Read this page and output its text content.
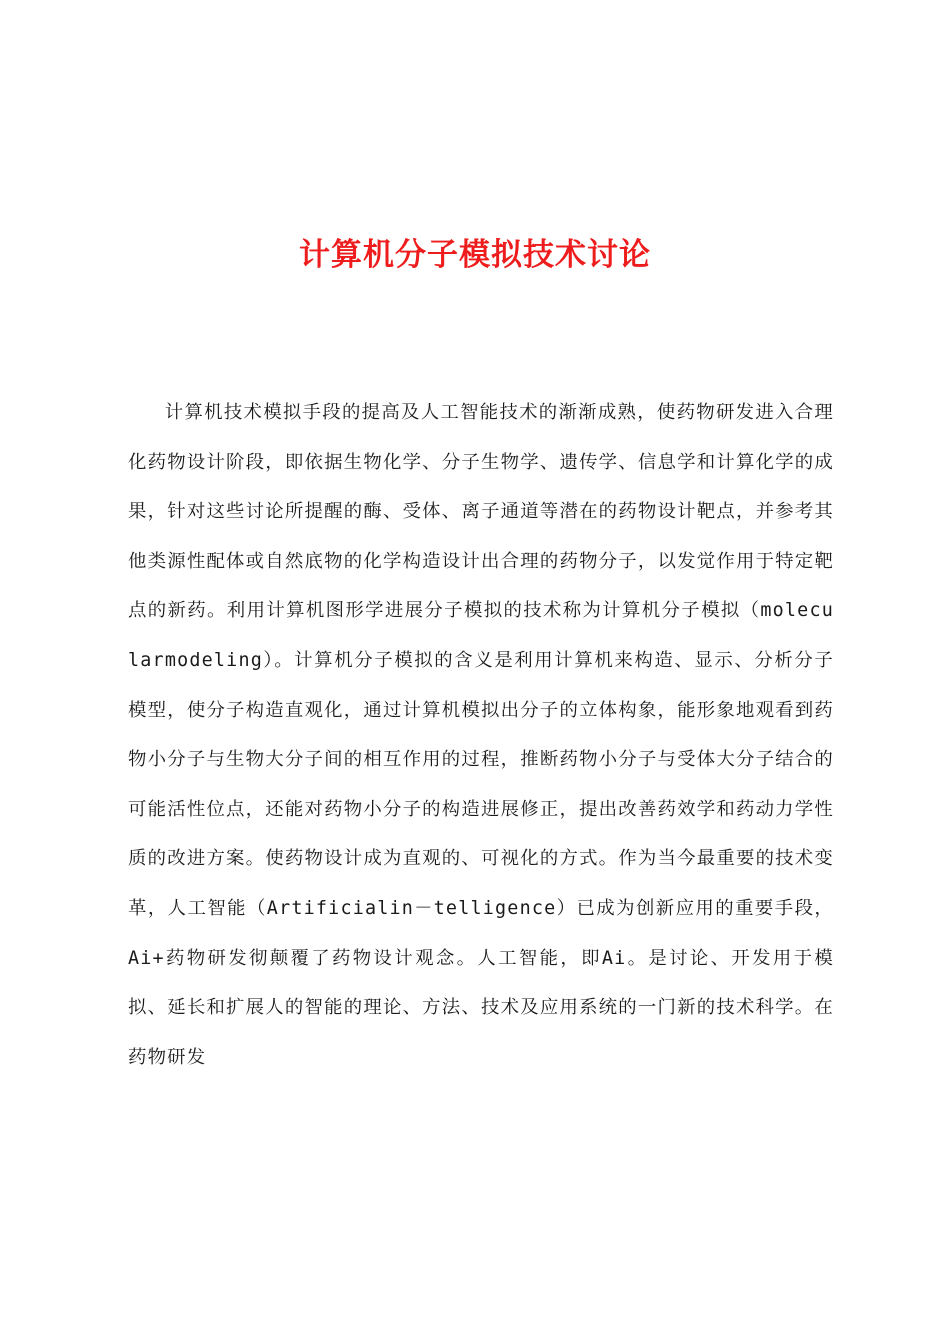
计算机分子模拟技术讨论

计算机技术模拟手段的提高及人工智能技术的渐渐成熟，使药物研发进入合理化药物设计阶段，即依据生物化学、分子生物学、遗传学、信息学和计算化学的成果，针对这些讨论所提醒的酶、受体、离子通道等潜在的药物设计靶点，并参考其他类源性配体或自然底物的化学构造设计出合理的药物分子，以发觉作用于特定靶点的新药。利用计算机图形学进展分子模拟的技术称为计算机分子模拟（molecularmodeling）。计算机分子模拟的含义是利用计算机来构造、显示、分析分子模型，使分子构造直观化，通过计算机模拟出分子的立体构象，能形象地观看到药物小分子与生物大分子间的相互作用的过程，推断药物小分子与受体大分子结合的可能活性位点，还能对药物小分子的构造进展修正，提出改善药效学和药动力学性质的改进方案。使药物设计成为直观的、可视化的方式。作为当今最重要的技术变革，人工智能（Artificialin－telligence）已成为创新应用的重要手段，Ai+药物研发彻颠覆了药物设计观念。人工智能，即Ai。是讨论、开发用于模拟、延长和扩展人的智能的理论、方法、技术及应用系统的一门新的技术科学。在药物研发
